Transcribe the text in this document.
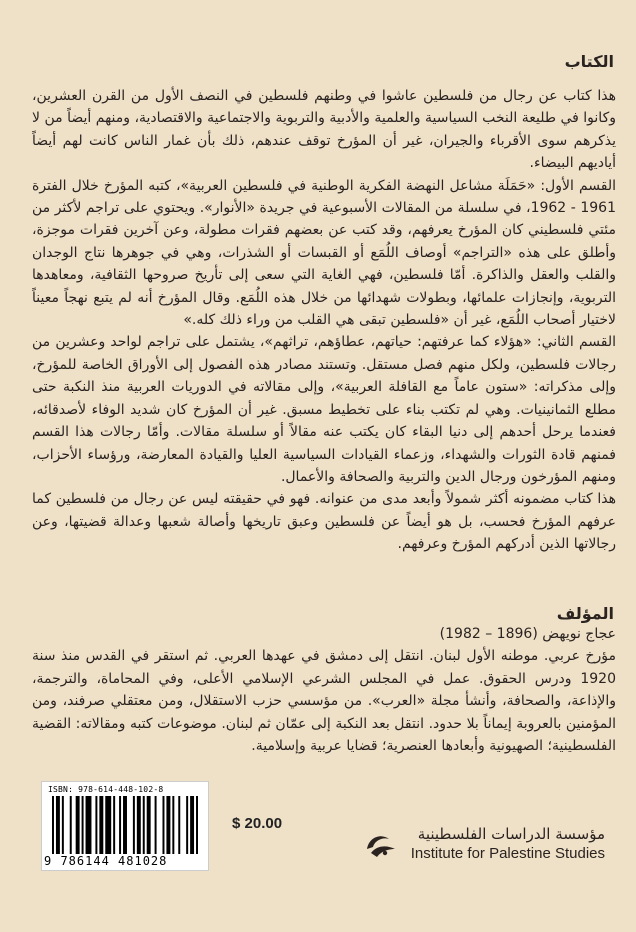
الكتاب

هذا كتاب عن رجال من فلسطين عاشوا في وطنهم فلسطين في النصف الأول من القرن العشرين، وكانوا في طليعة النخب السياسية والعلمية والأدبية والتربوية والاجتماعية والاقتصادية، ومنهم أيضاً من لا يذكرهم سوى الأقرباء والجيران، غير أن المؤرخ توقف عندهم، ذلك بأن غمار الناس كانت لهم أيضاً أياديهم البيضاء.

القسم الأول: «حَمَلَة مشاعل النهضة الفكرية الوطنية في فلسطين العربية»، كتبه المؤرخ خلال الفترة 1961 - 1962، في سلسلة من المقالات الأسبوعية في جريدة «الأنوار». ويحتوي على تراجم لأكثر من مئتي فلسطيني كان المؤرخ يعرفهم، وقد كتب عن بعضهم فقرات مطولة، وعن آخرين فقرات موجزة، وأطلق على هذه «التراجم» أوصاف اللُمَع أو القبسات أو الشذرات، وهي في جوهرها نتاج الوجدان والقلب والعقل والذاكرة. أمّا فلسطين، فهي الغاية التي سعى إلى تأريخ صروحها الثقافية، ومعاهدها التربوية، وإنجازات علمائها، وبطولات شهدائها من خلال هذه اللُمَع. وقال المؤرخ أنه لم يتبع نهجاً معيناً لاختيار أصحاب اللُمَع، غير أن «فلسطين تبقى هي القلب من وراء ذلك كله.»

القسم الثاني: «هؤلاء كما عرفتهم: حياتهم، عطاؤهم، تراثهم»، يشتمل على تراجم لواحد وعشرين من رجالات فلسطين، ولكل منهم فصل مستقل. وتستند مصادر هذه الفصول إلى الأوراق الخاصة للمؤرخ، وإلى مذكراته: «ستون عاماً مع القافلة العربية»، وإلى مقالاته في الدوريات العربية منذ النكبة حتى مطلع الثمانينيات. وهي لم تكتب بناء على تخطيط مسبق. غير أن المؤرخ كان شديد الوفاء لأصدقائه، فعندما يرحل أحدهم إلى دنيا البقاء كان يكتب عنه مقالاً أو سلسلة مقالات. وأمّا رجالات هذا القسم فمنهم قادة الثورات والشهداء، وزعماء القيادات السياسية العليا والقيادة المعارضة، ورؤساء الأحزاب، ومنهم المؤرخون ورجال الدين والتربية والصحافة والأعمال.

هذا كتاب مضمونه أكثر شمولاً وأبعد مدى من عنوانه. فهو في حقيقته ليس عن رجال من فلسطين كما عرفهم المؤرخ فحسب، بل هو أيضاً عن فلسطين وعبق تاريخها وأصالة شعبها وعدالة قضيتها، وعن رجالاتها الذين أدركهم المؤرخ وعرفهم.

المؤلف

عجاج نويهض (1896 – 1982)

مؤرخ عربي. موطنه الأول لبنان. انتقل إلى دمشق في عهدها العربي. ثم استقر في القدس منذ سنة 1920 ودرس الحقوق. عمل في المجلس الشرعي الإسلامي الأعلى، وفي المحاماة، والترجمة، والإذاعة، والصحافة، وأنشأ مجلة «العرب». من مؤسسي حزب الاستقلال، ومن معتقلي صرفند، ومن المؤمنين بالعروبة إيماناً بلا حدود. انتقل بعد النكبة إلى عمّان ثم لبنان. موضوعات كتبه ومقالاته: القضية الفلسطينية؛ الصهيونية وأبعادها العنصرية؛ قضايا عربية وإسلامية.

ISBN: 978-614-448-102-8
9 786144 481028
$ 20.00
مؤسسة الدراسات الفلسطينية
Institute for Palestine Studies
